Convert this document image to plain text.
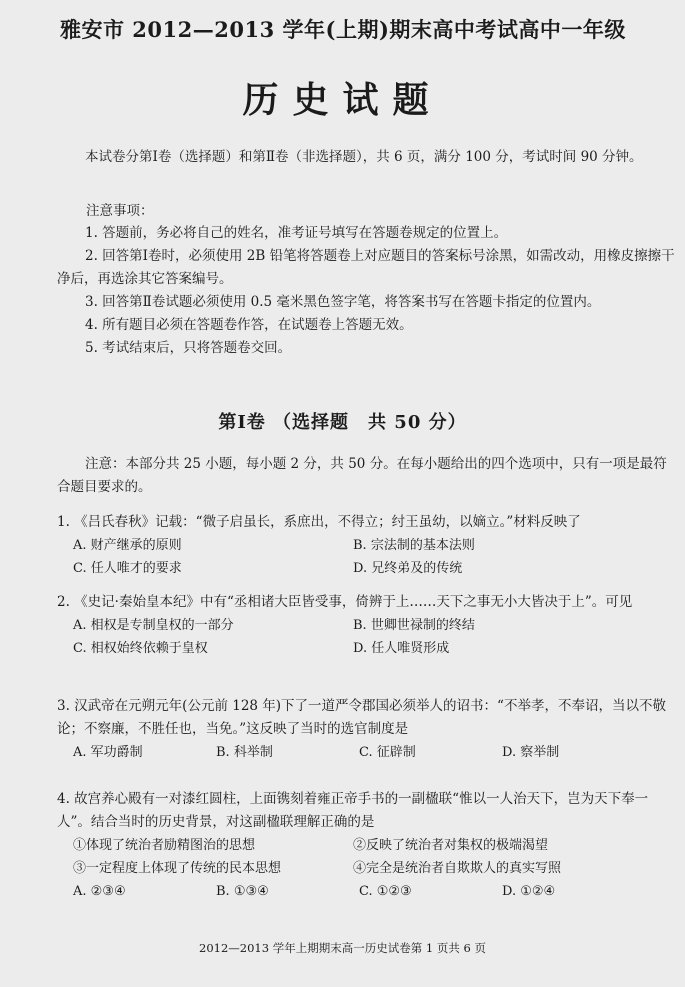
雅安市 2012—2013 学年(上期)期末高中考试高中一年级
历史试题
本试卷分第Ⅰ卷（选择题）和第Ⅱ卷（非选择题），共 6 页，满分 100 分，考试时间 90 分钟。
注意事项：
1. 答题前，务必将自己的姓名，准考证号填写在答题卷规定的位置上。
2. 回答第Ⅰ卷时，必须使用 2B 铅笔将答题卷上对应题目的答案标号涂黑，如需改动，用橡皮擦擦干净后，再选涂其它答案编号。
3. 回答第Ⅱ卷试题必须使用 0.5 毫米黑色签字笔，将答案书写在答题卡指定的位置内。
4. 所有题目必须在答题卷作答，在试题卷上答题无效。
5. 考试结束后，只将答题卷交回。
第Ⅰ卷 （选择题　共 50 分）
注意：本部分共 25 小题，每小题 2 分，共 50 分。在每小题给出的四个选项中，只有一项是最符合题目要求的。
1. 《吕氏春秋》记载：“微子启虽长，系庶出，不得立；纣王虽幼，以嫡立。”材料反映了
A. 财产继承的原则	B. 宗法制的基本法则
C. 任人唯才的要求	D. 兄终弟及的传统
2. 《史记·秦始皇本纪》中有“丞相诸大臣皆受事，倚辨于上……天下之事无小大皆决于上”。可见
A. 相权是专制皇权的一部分	B. 世卿世禄制的终结
C. 相权始终依赖于皇权	D. 任人唯贤形成
3. 汉武帝在元朔元年(公元前 128 年)下了一道严令郡国必须举人的诏书：“不举孝，不奉诏，当以不敬论；不察廉，不胜任也，当免。”这反映了当时的选官制度是
A. 军功爵制	B. 科举制	C. 征辟制	D. 察举制
4. 故宫养心殿有一对漆红圆柱，上面镌刻着雍正帝手书的一副楹联“惟以一人治天下，岂为天下奉一人”。结合当时的历史背景，对这副楹联理解正确的是
①体现了统治者励精图治的思想	②反映了统治者对集权的极端渴望
③一定程度上体现了传统的民本思想	④完全是统治者自欺欺人的真实写照
A. ②③④	B. ①③④	C. ①②③	D. ①②④
2012—2013 学年上期期末高一历史试卷第 1 页共 6 页
